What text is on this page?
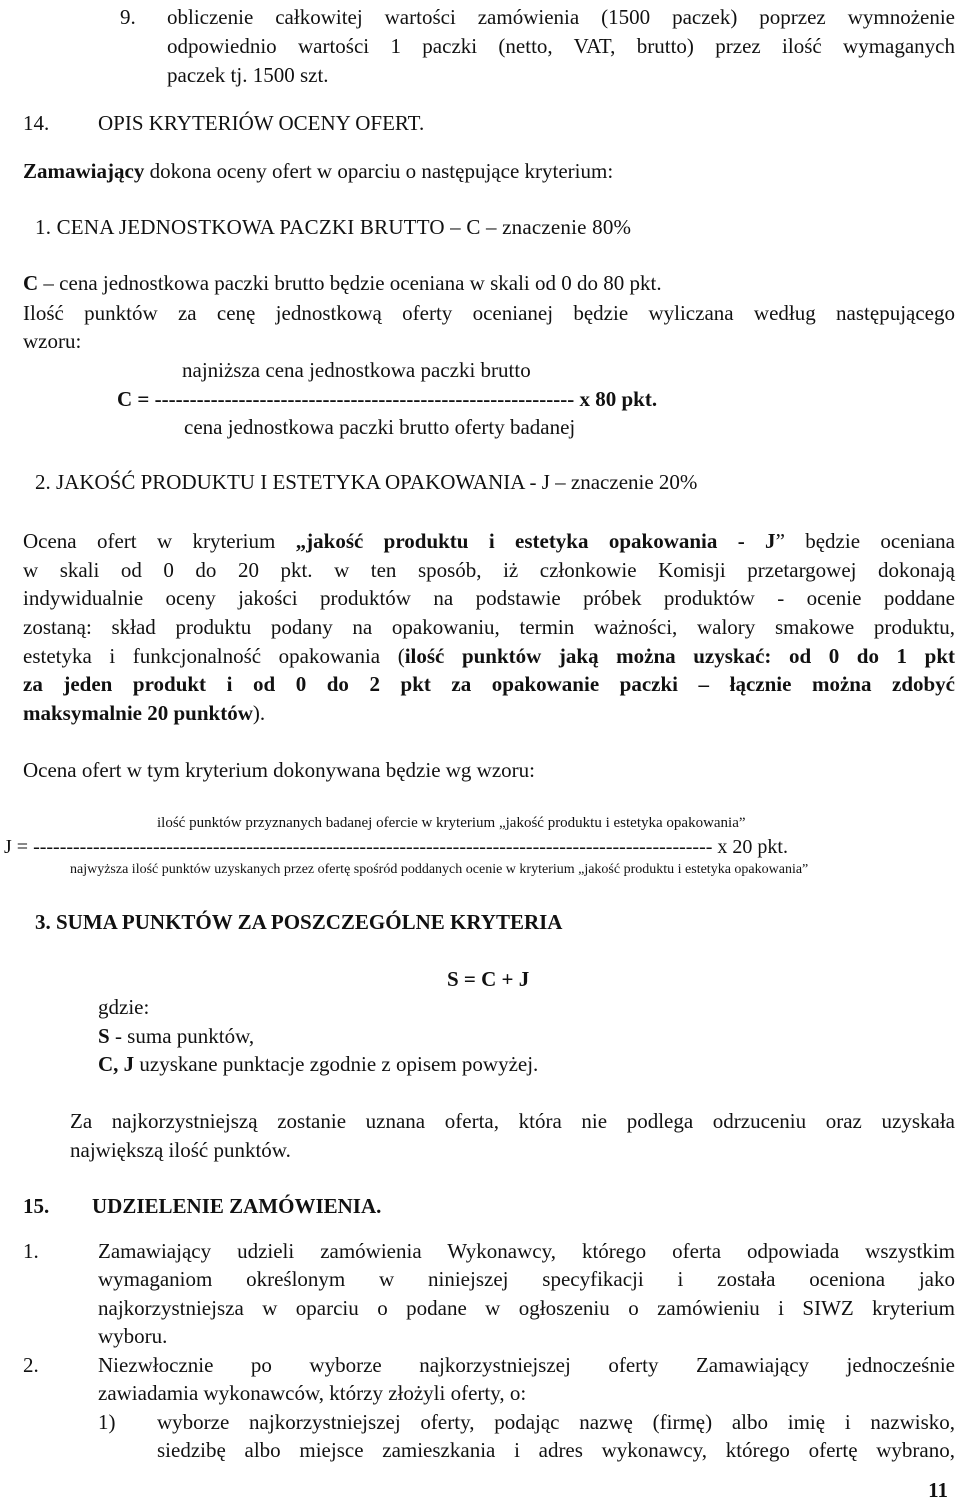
9. obliczenie całkowitej wartości zamówienia (1500 paczek) poprzez wymnożenie
odpowiednio wartości 1 paczki (netto, VAT, brutto) przez ilość wymaganych
paczek tj. 1500 szt.
14. OPIS KRYTERIÓW OCENY OFERT.
Zamawiający dokona oceny ofert w oparciu o następujące kryterium:
1. CENA JEDNOSTKOWA PACZKI BRUTTO – C – znaczenie 80%
C – cena jednostkowa paczki brutto będzie oceniana w skali od 0 do 80 pkt.
Ilość punktów za cenę jednostkową oferty ocenianej będzie wyliczana według następującego
wzoru:
najniższa cena jednostkowa paczki brutto
C = ------------------------------------------------------------ x 80 pkt.
cena jednostkowa paczki brutto oferty badanej
2. JAKOŚĆ PRODUKTU I ESTETYKA OPAKOWANIA - J – znaczenie 20%
Ocena ofert w kryterium „jakość produktu i estetyka opakowania - J” będzie oceniana
w skali od 0 do 20 pkt. w ten sposób, iż członkowie Komisji przetargowej dokonają
indywidualnie oceny jakości produktów na podstawie próbek produktów - ocenie poddane
zostaną: skład produktu podany na opakowaniu, termin ważności, walory smakowe produktu,
estetyka i funkcjonalność opakowania (ilość punktów jaką można uzyskać: od 0 do 1 pkt
za jeden produkt i od 0 do 2 pkt za opakowanie paczki – łącznie można zdobyć
maksymalnie 20 punktów).
Ocena ofert w tym kryterium dokonywana będzie wg wzoru:
ilość punktów przyznanych badanej ofercie w kryterium „jakość produktu i estetyka opakowania”
J = ------------------------------------------------------------------------------------------------------ x 20 pkt.
najwyższa ilość punktów uzyskanych przez ofertę spośród poddanych ocenie w kryterium „jakość produktu i estetyka opakowania”
3. SUMA PUNKTÓW ZA POSZCZEGÓLNE KRYTERIA
S = C + J
gdzie:
S - suma punktów,
C, J uzyskane punktacje zgodnie z opisem powyżej.
Za najkorzystniejszą zostanie uznana oferta, która nie podlega odrzuceniu oraz uzyskała
największą ilość punktów.
15. UDZIELENIE ZAMÓWIENIA.
1.	Zamawiający udzieli zamówienia Wykonawcy, którego oferta odpowiada wszystkim
wymaganiom określonym w niniejszej specyfikacji i została oceniona jako
najkorzystniejsza w oparciu o podane w ogłoszeniu o zamówieniu i SIWZ kryterium
wyboru.
2.	Niezwłocznie po wyborze najkorzystniejszej oferty Zamawiający jednocześnie
zawiadamia wykonawców, którzy złożyli oferty, o:
1) wyborze najkorzystniejszej oferty, podając nazwę (firmę) albo imię i nazwisko,
siedzibę albo miejsce zamieszkania i adres wykonawcy, którego ofertę wybrano,
11
